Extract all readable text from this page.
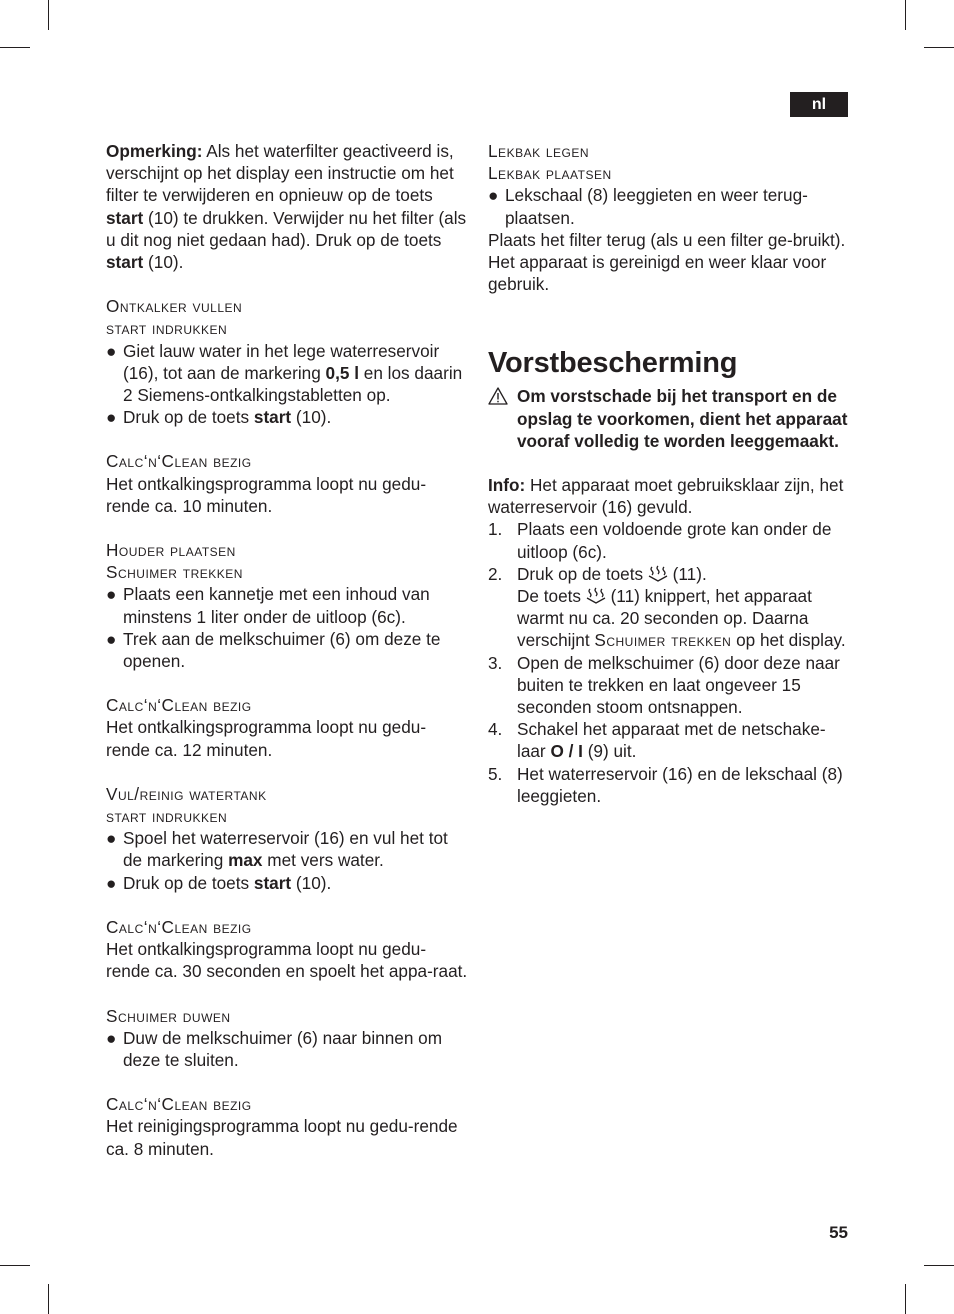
nl

Opmerking: Als het waterfilter geactiveerd is, verschijnt op het display een instructie om het filter te verwijderen en opnieuw op de toets start (10) te drukken. Verwijder nu het filter (als u dit nog niet gedaan had). Druk op de toets start (10).

Ontkalker vullen

start indrukken

● Giet lauw water in het lege waterreservoir (16), tot aan de markering 0,5 l en los daarin 2 Siemens-ontkalkingstabletten op.
● Druk op de toets start (10).

Calc‘n‘Clean bezig

Het ontkalkingsprogramma loopt nu gedu-rende ca. 10 minuten.

Houder plaatsen

Schuimer trekken

● Plaats een kannetje met een inhoud van minstens 1 liter onder de uitloop (6c).
● Trek aan de melkschuimer (6) om deze te openen.

Calc‘n‘Clean bezig

Het ontkalkingsprogramma loopt nu gedu-rende ca. 12 minuten.

Vul/reinig watertank

start indrukken

● Spoel het waterreservoir (16) en vul het tot de markering max met vers water.
● Druk op de toets start (10).

Calc‘n‘Clean bezig

Het ontkalkingsprogramma loopt nu gedu-rende ca. 30 seconden en spoelt het appa-raat.

Schuimer duwen

● Duw de melkschuimer (6) naar binnen om deze te sluiten.

Calc‘n‘Clean bezig

Het reinigingsprogramma loopt nu gedu-rende ca. 8 minuten.

Lekbak legen

Lekbak plaatsen

● Lekschaal (8) leeggieten en weer terug-plaatsen.

Plaats het filter terug (als u een filter ge-bruikt). Het apparaat is gereinigd en weer klaar voor gebruik.

Vorstbescherming
Om vorstschade bij het transport en de opslag te voorkomen, dient het apparaat vooraf volledig te worden leeggemaakt.

Info: Het apparaat moet gebruiksklaar zijn, het waterreservoir (16) gevuld.

1. Plaats een voldoende grote kan onder de uitloop (6c).
2. Druk op de toets  (11).
De toets  (11) knippert, het apparaat warmt nu ca. 20 seconden op. Daarna verschijnt Schuimer trekken op het display.
3. Open de melkschuimer (6) door deze naar buiten te trekken en laat ongeveer 15 seconden stoom ontsnappen.
4. Schakel het apparaat met de netschake-laar O / I (9) uit.
5. Het waterreservoir (16) en de lekschaal (8) leeggieten.
55
